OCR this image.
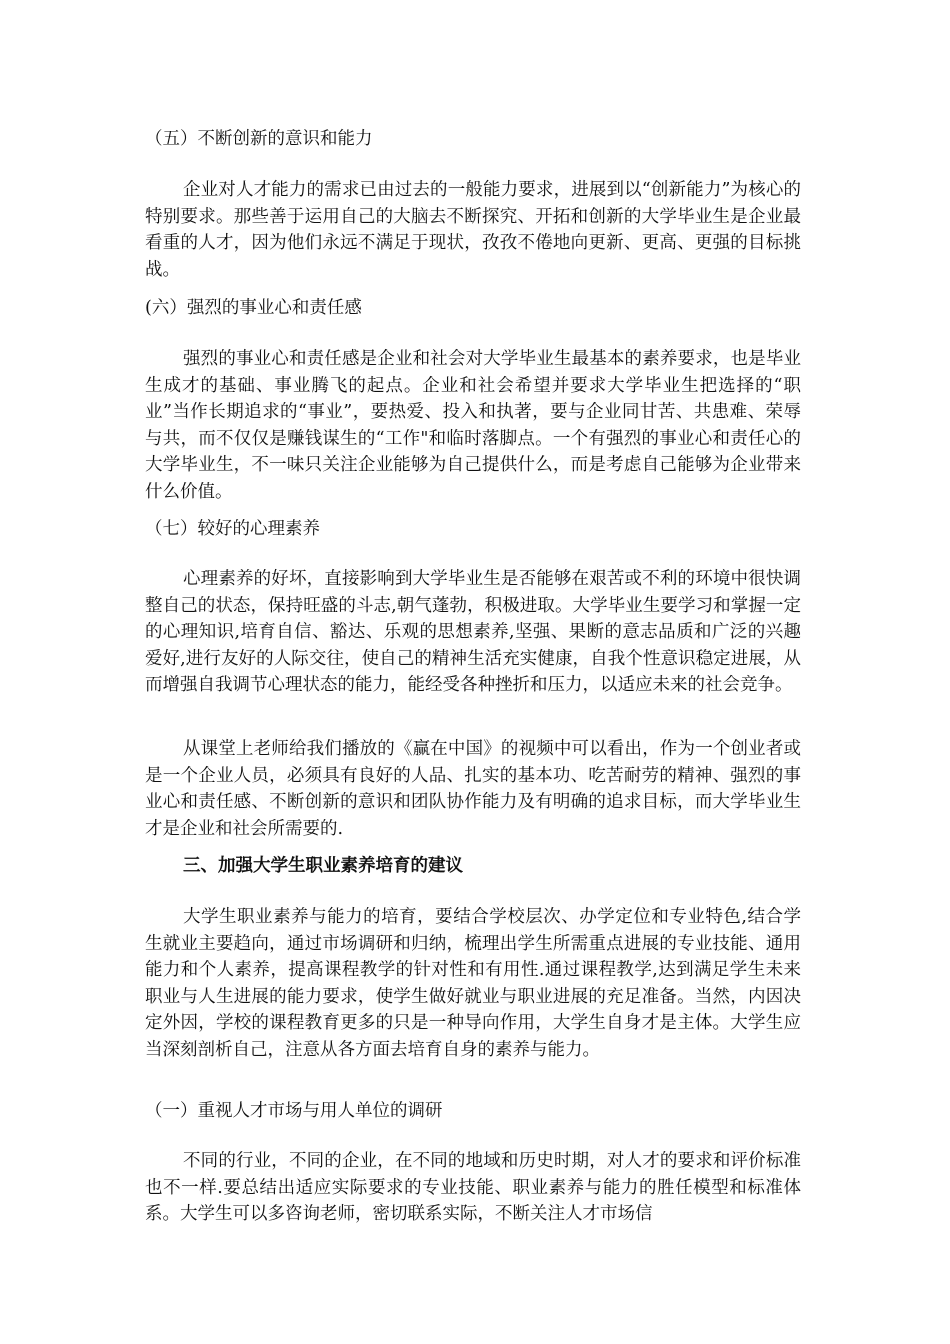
（五）不断创新的意识和能力

企业对人才能力的需求已由过去的一般能力要求，进展到以“创新能力”为核心的特别要求。那些善于运用自己的大脑去不断探究、开拓和创新的大学毕业生是企业最看重的人才，因为他们永远不满足于现状，孜孜不倦地向更新、更高、更强的目标挑战。

(六）强烈的事业心和责任感

强烈的事业心和责任感是企业和社会对大学毕业生最基本的素养要求，也是毕业生成才的基础、事业腾飞的起点。企业和社会希望并要求大学毕业生把选择的“职业”当作长期追求的“事业”，要热爱、投入和执著，要与企业同甘苦、共患难、荣辱与共，而不仅仅是赚钱谋生的“工作"和临时落脚点。一个有强烈的事业心和责任心的大学毕业生，不一味只关注企业能够为自己提供什么，而是考虑自己能够为企业带来什么价值。

（七）较好的心理素养

心理素养的好坏，直接影响到大学毕业生是否能够在艰苦或不利的环境中很快调整自己的状态，保持旺盛的斗志,朝气蓬勃，积极进取。大学毕业生要学习和掌握一定的心理知识,培育自信、豁达、乐观的思想素养,坚强、果断的意志品质和广泛的兴趣爱好,进行友好的人际交往，使自己的精神生活充实健康，自我个性意识稳定进展，从而增强自我调节心理状态的能力，能经受各种挫折和压力，以适应未来的社会竞争。

从课堂上老师给我们播放的《赢在中国》的视频中可以看出，作为一个创业者或是一个企业人员，必须具有良好的人品、扎实的基本功、吃苦耐劳的精神、强烈的事业心和责任感、不断创新的意识和团队协作能力及有明确的追求目标，而大学毕业生才是企业和社会所需要的.

三、加强大学生职业素养培育的建议

大学生职业素养与能力的培育，要结合学校层次、办学定位和专业特色,结合学生就业主要趋向，通过市场调研和归纳，梳理出学生所需重点进展的专业技能、通用能力和个人素养，提高课程教学的针对性和有用性.通过课程教学,达到满足学生未来职业与人生进展的能力要求，使学生做好就业与职业进展的充足准备。当然，内因决定外因，学校的课程教育更多的只是一种导向作用，大学生自身才是主体。大学生应当深刻剖析自己，注意从各方面去培育自身的素养与能力。

（一）重视人才市场与用人单位的调研

不同的行业，不同的企业，在不同的地域和历史时期，对人才的要求和评价标准也不一样.要总结出适应实际要求的专业技能、职业素养与能力的胜任模型和标准体系。大学生可以多咨询老师，密切联系实际，不断关注人才市场信
